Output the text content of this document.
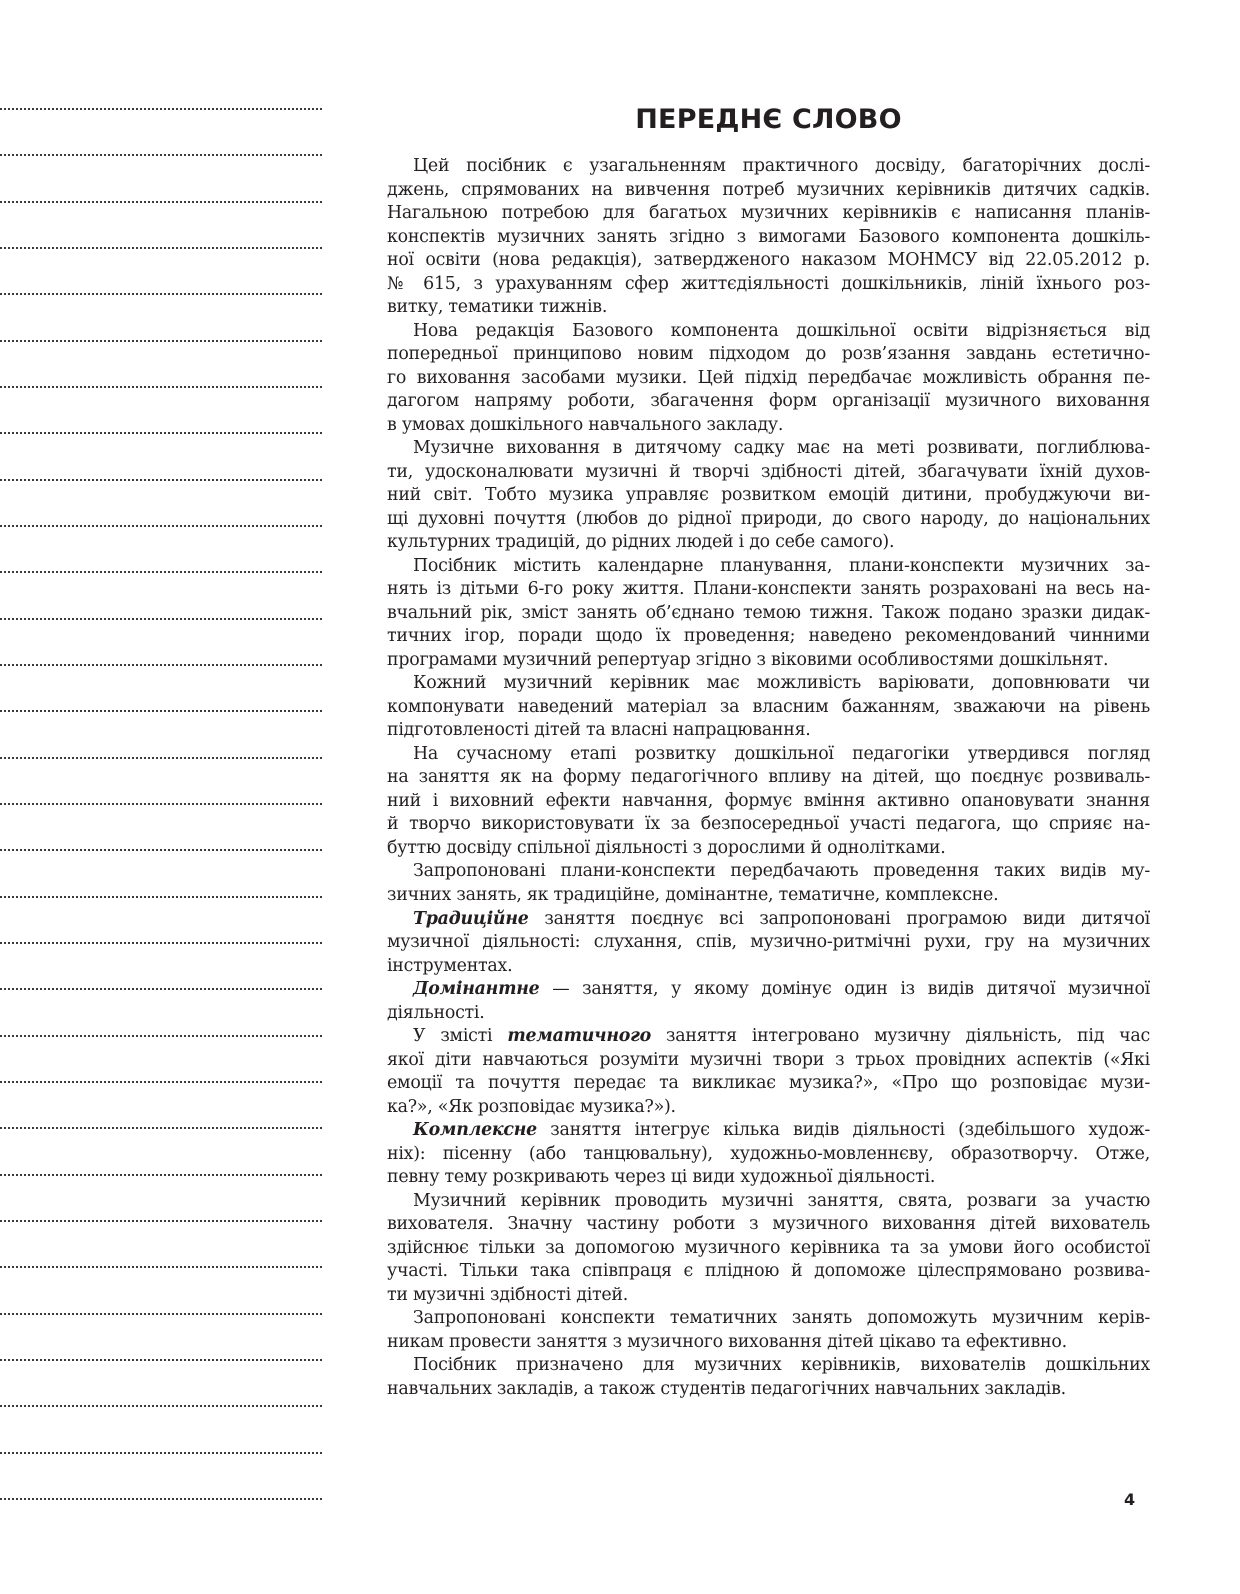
ПЕРЕДНЄ СЛОВО

Цей посібник є узагальненням практичного досвіду, багаторічних дослі-
джень, спрямованих на вивчення потреб музичних керівників дитячих садків.
Нагальною потребою для багатьох музичних керівників є написання планів-
конспектів музичних занять згідно з вимогами Базового компонента дошкіль-
ної освіти (нова редакція), затвердженого наказом МОНМСУ від 22.05.2012 р.
№ 615, з урахуванням сфер життєдіяльності дошкільників, ліній їхнього роз-
витку, тематики тижнів.

Нова редакція Базового компонента дошкільної освіти відрізняється від
попередньої принципово новим підходом до розв’язання завдань естетично-
го виховання засобами музики. Цей підхід передбачає можливість обрання пе-
дагогом напряму роботи, збагачення форм організації музичного виховання
в умовах дошкільного навчального закладу.

Музичне виховання в дитячому садку має на меті розвивати, поглиблюва-
ти, удосконалювати музичні й творчі здібності дітей, збагачувати їхній духов-
ний світ. Тобто музика управляє розвитком емоцій дитини, пробуджуючи ви-
щі духовні почуття (любов до рідної природи, до свого народу, до національних
культурних традицій, до рідних людей і до себе самого).

Посібник містить календарне планування, плани-конспекти музичних за-
нять із дітьми 6-го року життя. Плани-конспекти занять розраховані на весь на-
вчальний рік, зміст занять об’єднано темою тижня. Також подано зразки дидак-
тичних ігор, поради щодо їх проведення; наведено рекомендований чинними
програмами музичний репертуар згідно з віковими особливостями дошкільнят.

Кожний музичний керівник має можливість варіювати, доповнювати чи
компонувати наведений матеріал за власним бажанням, зважаючи на рівень
підготовленості дітей та власні напрацювання.

На сучасному етапі розвитку дошкільної педагогіки утвердився погляд
на заняття як на форму педагогічного впливу на дітей, що поєднує розвиваль-
ний і виховний ефекти навчання, формує вміння активно опановувати знання
й творчо використовувати їх за безпосередньої участі педагога, що сприяє на-
буттю досвіду спільної діяльності з дорослими й однолітками.

Запропоновані плани-конспекти передбачають проведення таких видів му-
зичних занять, як традиційне, домінантне, тематичне, комплексне.

Традиційне заняття поєднує всі запропоновані програмою види дитячої
музичної діяльності: слухання, спів, музично-ритмічні рухи, гру на музичних
інструментах.

Домінантне — заняття, у якому домінує один із видів дитячої музичної
діяльності.

У змісті тематичного заняття інтегровано музичну діяльність, під час
якої діти навчаються розуміти музичні твори з трьох провідних аспектів («Які
емоції та почуття передає та викликає музика?», «Про що розповідає музи-
ка?», «Як розповідає музика?»).

Комплексне заняття інтегрує кілька видів діяльності (здебільшого худож-
ніх): пісенну (або танцювальну), художньо-мовленнєву, образотворчу. Отже,
певну тему розкривають через ці види художньої діяльності.

Музичний керівник проводить музичні заняття, свята, розваги за участю
вихователя. Значну частину роботи з музичного виховання дітей вихователь
здійснює тільки за допомогою музичного керівника та за умови його особистої
участі. Тільки така співпраця є плідною й допоможе цілеспрямовано розвива-
ти музичні здібності дітей.

Запропоновані конспекти тематичних занять допоможуть музичним керів-
никам провести заняття з музичного виховання дітей цікаво та ефективно.

Посібник призначено для музичних керівників, вихователів дошкільних
навчальних закладів, а також студентів педагогічних навчальних закладів.

4
